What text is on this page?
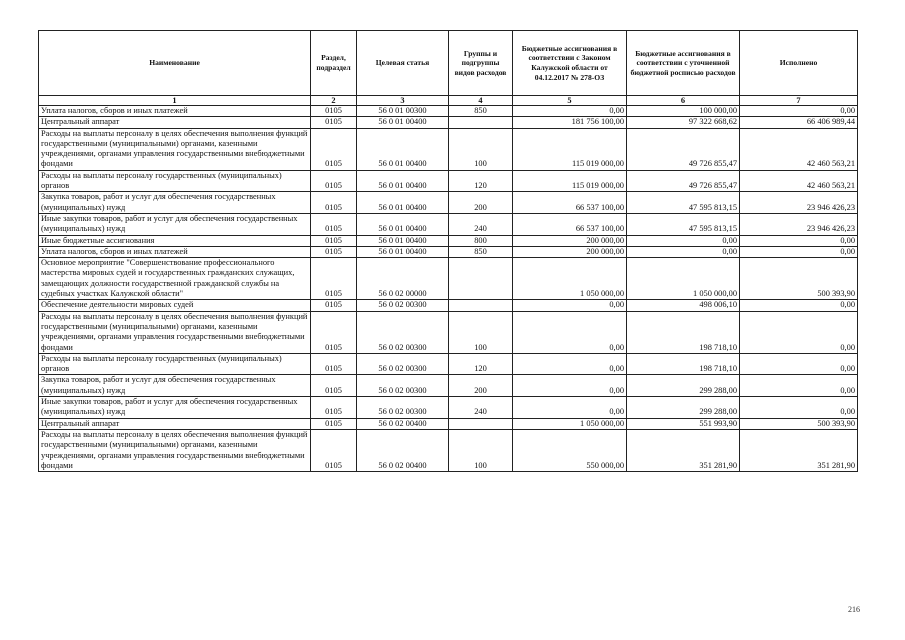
Наименование	Раздел, подраздел	Целевая статья	Группы и подгруппы видов расходов	Бюджетные ассигнования в соответствии с Законом Калужской области от 04.12.2017 № 278-ОЗ	Бюджетные ассигнования в соответствии с уточненной бюджетной росписью расходов	Исполнено
1	2	3	4	5	6	7
Уплата налогов, сборов и иных платежей	0105	56 0 01 00300	850	0,00	100 000,00	0,00
Центральный аппарат	0105	56 0 01 00400		181 756 100,00	97 322 668,62	66 406 989,44
Расходы на выплаты персоналу в целях обеспечения выполнения функций государственными (муниципальными) органами, казенными учреждениями, органами управления государственными внебюджетными фондами	0105	56 0 01 00400	100	115 019 000,00	49 726 855,47	42 460 563,21
Расходы на выплаты персоналу государственных (муниципальных) органов	0105	56 0 01 00400	120	115 019 000,00	49 726 855,47	42 460 563,21
Закупка товаров, работ и услуг для обеспечения государственных (муниципальных) нужд	0105	56 0 01 00400	200	66 537 100,00	47 595 813,15	23 946 426,23
Иные закупки товаров, работ и услуг для обеспечения государственных (муниципальных) нужд	0105	56 0 01 00400	240	66 537 100,00	47 595 813,15	23 946 426,23
Иные бюджетные ассигнования	0105	56 0 01 00400	800	200 000,00	0,00	0,00
Уплата налогов, сборов и иных платежей	0105	56 0 01 00400	850	200 000,00	0,00	0,00
Основное мероприятие "Совершенствование профессионального мастерства мировых судей и государственных гражданских служащих, замещающих должности государственной гражданской службы на судебных участках Калужской области"	0105	56 0 02 00000		1 050 000,00	1 050 000,00	500 393,90
Обеспечение деятельности мировых судей	0105	56 0 02 00300		0,00	498 006,10	0,00
Расходы на выплаты персоналу в целях обеспечения выполнения функций государственными (муниципальными) органами, казенными учреждениями, органами управления государственными внебюджетными фондами	0105	56 0 02 00300	100	0,00	198 718,10	0,00
Расходы на выплаты персоналу государственных (муниципальных) органов	0105	56 0 02 00300	120	0,00	198 718,10	0,00
Закупка товаров, работ и услуг для обеспечения государственных (муниципальных) нужд	0105	56 0 02 00300	200	0,00	299 288,00	0,00
Иные закупки товаров, работ и услуг для обеспечения государственных (муниципальных) нужд	0105	56 0 02 00300	240	0,00	299 288,00	0,00
Центральный аппарат	0105	56 0 02 00400		1 050 000,00	551 993,90	500 393,90
Расходы на выплаты персоналу в целях обеспечения выполнения функций государственными (муниципальными) органами, казенными учреждениями, органами управления государственными внебюджетными фондами	0105	56 0 02 00400	100	550 000,00	351 281,90	351 281,90
216
